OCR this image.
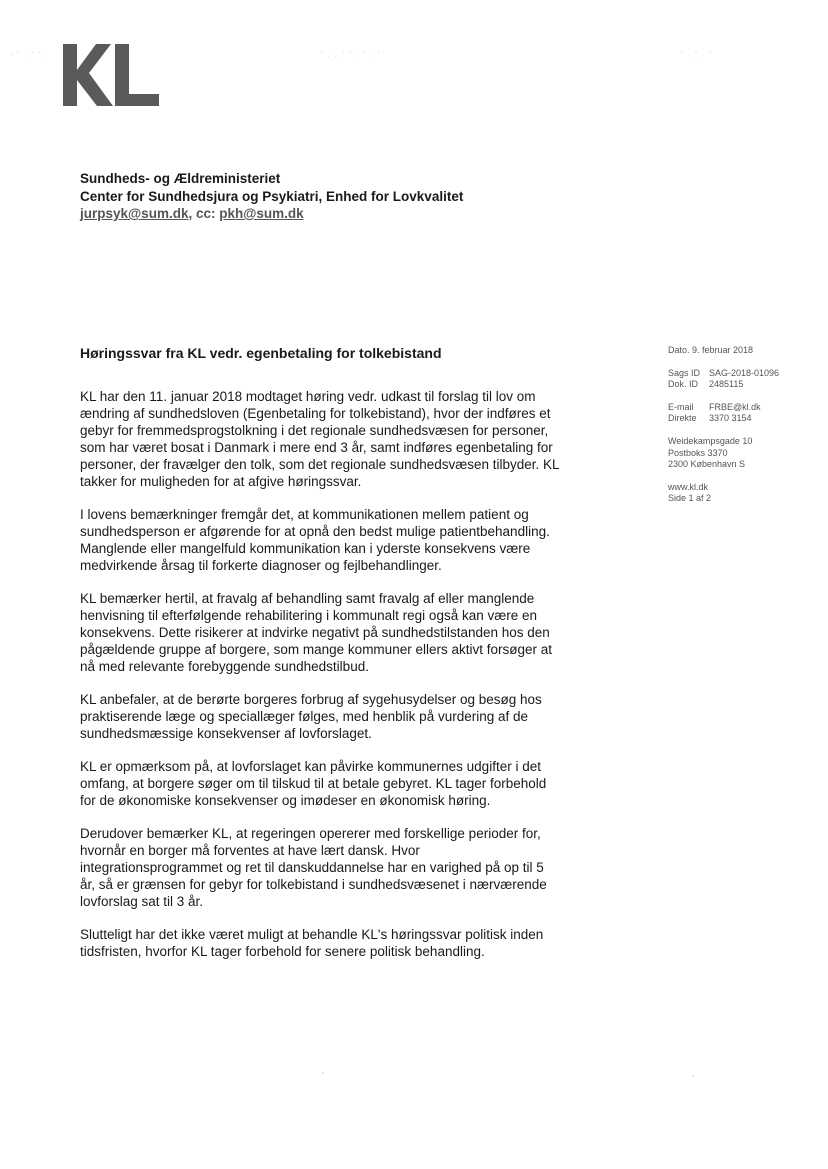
. · ˌ · · ˌ	· ˌ ˌ · · ˌ · ˌ ·	· ˌ · ˌ ·
Sundheds- og Ældreministeriet
Center for Sundhedsjura og Psykiatri, Enhed for Lovkvalitet
jurpsyk@sum.dk, cc: pkh@sum.dk
Høringssvar fra KL vedr. egenbetaling for tolkebistand

KL har den 11. januar 2018 modtaget høring vedr. udkast til forslag til lov om ændring af sundhedsloven (Egenbetaling for tolkebistand), hvor der indføres et gebyr for fremmedsprogstolkning i det regionale sundhedsvæsen for personer, som har været bosat i Danmark i mere end 3 år, samt indføres egenbetaling for personer, der fravælger den tolk, som det regionale sundhedsvæsen tilbyder. KL takker for muligheden for at afgive høringssvar.

I lovens bemærkninger fremgår det, at kommunikationen mellem patient og sundhedsperson er afgørende for at opnå den bedst mulige patientbehandling. Manglende eller mangelfuld kommunikation kan i yderste konsekvens være medvirkende årsag til forkerte diagnoser og fejlbehandlinger.

KL bemærker hertil, at fravalg af behandling samt fravalg af eller manglende henvisning til efterfølgende rehabilitering i kommunalt regi også kan være en konsekvens. Dette risikerer at indvirke negativt på sundhedstilstanden hos den pågældende gruppe af borgere, som mange kommuner ellers aktivt forsøger at nå med relevante forebyggende sundhedstilbud.

KL anbefaler, at de berørte borgeres forbrug af sygehusydelser og besøg hos praktiserende læge og speciallæger følges, med henblik på vurdering af de sundhedsmæssige konsekvenser af lovforslaget.

KL er opmærksom på, at lovforslaget kan påvirke kommunernes udgifter i det omfang, at borgere søger om til tilskud til at betale gebyret. KL tager forbehold for de økonomiske konsekvenser og imødeser en økonomisk høring.

Derudover bemærker KL, at regeringen opererer med forskellige perioder for, hvornår en borger må forventes at have lært dansk. Hvor integrationsprogrammet og ret til danskuddannelse har en varighed på op til 5 år, så er grænsen for gebyr for tolkebistand i sundhedsvæsenet i nærværende lovforslag sat til 3 år.

Slutteligt har det ikke været muligt at behandle KL's høringssvar politisk inden tidsfristen, hvorfor KL tager forbehold for senere politisk behandling.

Dato. 9. februar 2018
Sags ID SAG-2018-01096
Dok. ID	2485115
E-mail	FRBE@kl.dk
Direkte	3370 3154
Weidekampsgade 10
Postboks 3370
2300 København S
www.kl.dk
Side 1 af 2
